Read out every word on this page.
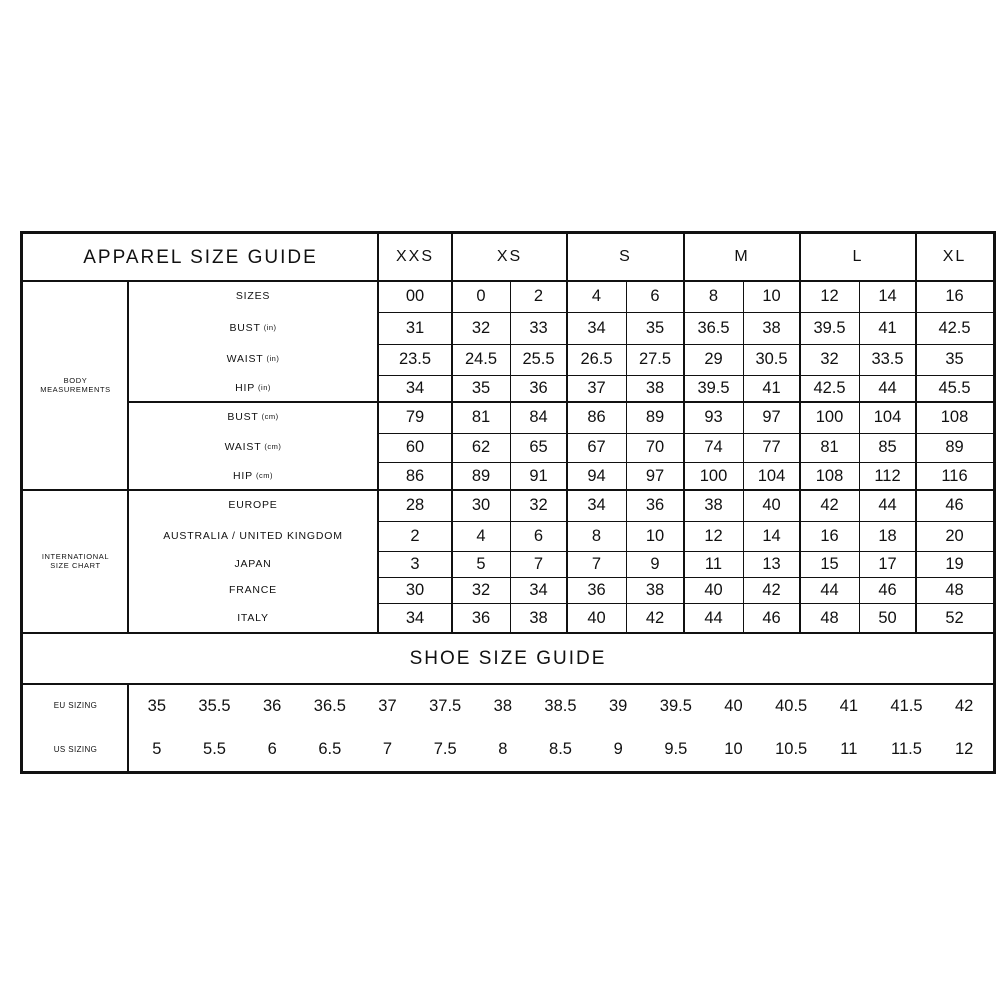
APPAREL SIZE GUIDE	XXS	XS	S	M	L	XL
BODY
MEASUREMENTS
SIZES	00	0	2	4	6	8	10	12	14	16
BUST (in)	31	32	33	34	35	36.5	38	39.5	41	42.5
WAIST (in)	23.5	24.5	25.5	26.5	27.5	29	30.5	32	33.5	35
HIP (in)	34	35	36	37	38	39.5	41	42.5	44	45.5
BUST (cm)	79	81	84	86	89	93	97	100	104	108
WAIST (cm)	60	62	65	67	70	74	77	81	85	89
HIP (cm)	86	89	91	94	97	100	104	108	112	116
INTERNATIONAL
SIZE CHART
EUROPE	28	30	32	34	36	38	40	42	44	46
AUSTRALIA / UNITED KINGDOM	2	4	6	8	10	12	14	16	18	20
JAPAN	3	5	7	7	9	11	13	15	17	19
FRANCE	30	32	34	36	38	40	42	44	46	48
ITALY	34	36	38	40	42	44	46	48	50	52
SHOE SIZE GUIDE
EU SIZING	35	35.5	36	36.5	37	37.5	38	38.5	39	39.5	40	40.5	41	41.5	42
US SIZING	5	5.5	6	6.5	7	7.5	8	8.5	9	9.5	10	10.5	11	11.5	12
